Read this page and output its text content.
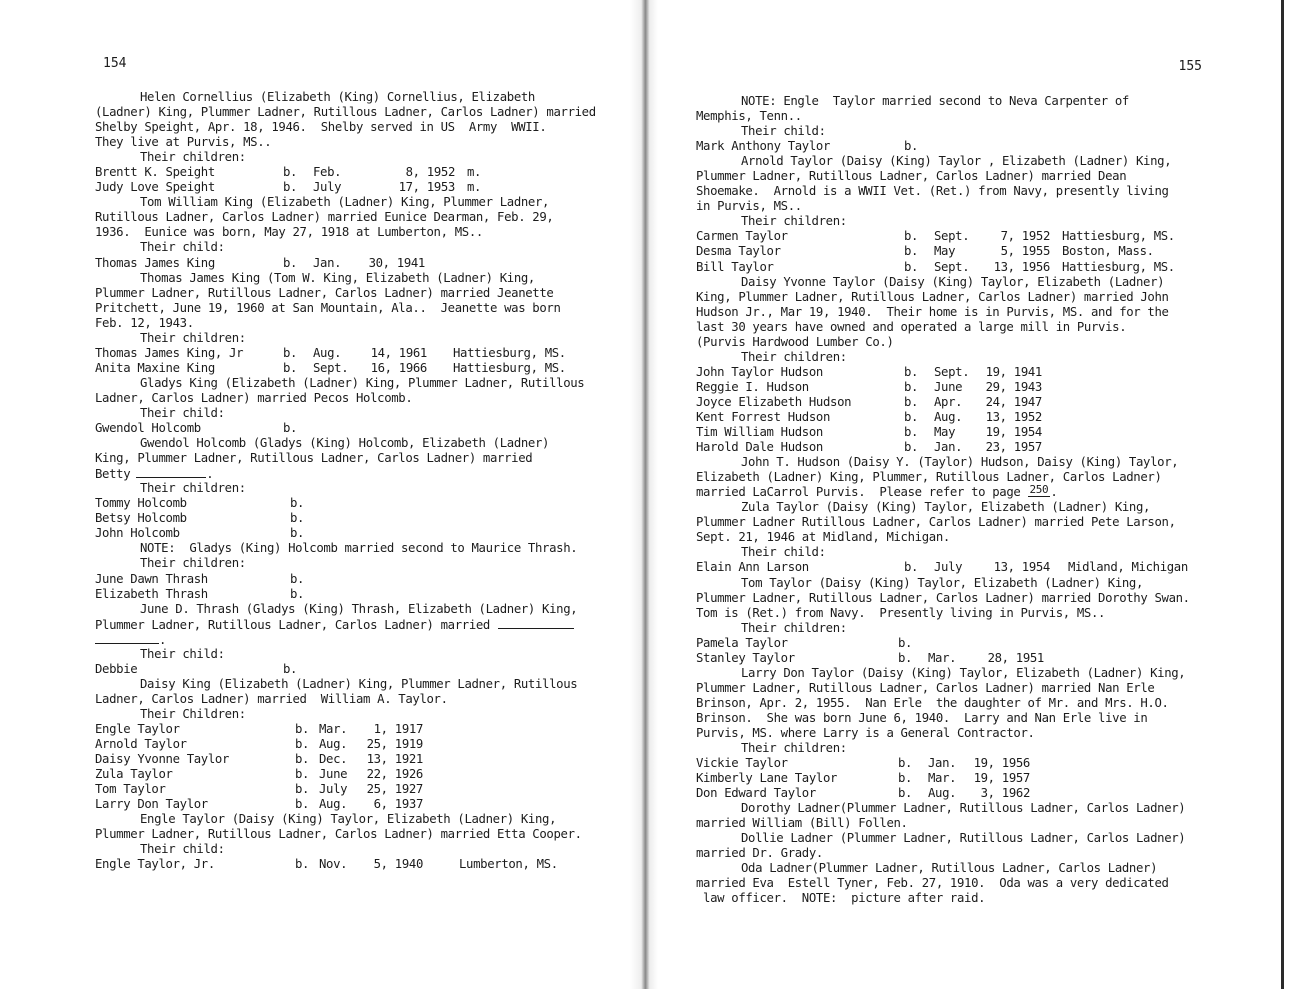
154
Helen Cornellius (Elizabeth (King) Cornellius, Elizabeth
(Ladner) King, Plummer Ladner, Rutillous Ladner, Carlos Ladner) married
Shelby Speight, Apr. 18, 1946.  Shelby served in US  Army  WWII.
They live at Purvis, MS..
Their children:
Brentt K. Speight	b. Feb.	8, 1952 m.
Judy Love Speight	b. July	17, 1953 m.
Tom William King (Elizabeth (Ladner) King, Plummer Ladner,
Rutillous Ladner, Carlos Ladner) married Eunice Dearman, Feb. 29,
1936.  Eunice was born, May 27, 1918 at Lumberton, MS..
Their child:
Thomas James King	b. Jan. 30, 1941
Thomas James King (Tom W. King, Elizabeth (Ladner) King,
Plummer Ladner, Rutillous Ladner, Carlos Ladner) married Jeanette
Pritchett, June 19, 1960 at San Mountain, Ala..  Jeanette was born
Feb. 12, 1943.
Their children:
Thomas James King, Jr	b. Aug. 14, 1961 Hattiesburg, MS.
Anita Maxine King	b. Sept. 16, 1966 Hattiesburg, MS.
Gladys King (Elizabeth (Ladner) King, Plummer Ladner, Rutillous
Ladner, Carlos Ladner) married Pecos Holcomb.
Their child:
Gwendol Holcomb	b.
Gwendol Holcomb (Gladys (King) Holcomb, Elizabeth (Ladner)
King, Plummer Ladner, Rutillous Ladner, Carlos Ladner) married
Betty	.
Their children:
Tommy Holcomb	b.
Betsy Holcomb	b.
John Holcomb	b.
NOTE:  Gladys (King) Holcomb married second to Maurice Thrash.
Their children:
June Dawn Thrash	b.
Elizabeth Thrash	b.
June D. Thrash (Gladys (King) Thrash, Elizabeth (Ladner) King,
Plummer Ladner, Rutillous Ladner, Carlos Ladner) married
.
Their child:
Debbie	b.
Daisy King (Elizabeth (Ladner) King, Plummer Ladner, Rutillous
Ladner, Carlos Ladner) married  William A. Taylor.
Their Children:
Engle Taylor	b. Mar. 1, 1917
Arnold Taylor	b. Aug. 25, 1919
Daisy Yvonne Taylor	b. Dec. 13, 1921
Zula Taylor	b. June 22, 1926
Tom Taylor	b. July 25, 1927
Larry Don Taylor	b. Aug. 6, 1937
Engle Taylor (Daisy (King) Taylor, Elizabeth (Ladner) King,
Plummer Ladner, Rutillous Ladner, Carlos Ladner) married Etta Cooper.
Their child:
Engle Taylor, Jr.	b. Nov. 5, 1940	Lumberton, MS.
155
NOTE: Engle  Taylor married second to Neva Carpenter of
Memphis, Tenn..
Their child:
Mark Anthony Taylor	b.
Arnold Taylor (Daisy (King) Taylor , Elizabeth (Ladner) King,
Plummer Ladner, Rutillous Ladner, Carlos Ladner) married Dean
Shoemake.  Arnold is a WWII Vet. (Ret.) from Navy, presently living
in Purvis, MS..
Their children:
Carmen Taylor	b. Sept.	7, 1952 Hattiesburg, MS.
Desma Taylor	b. May	5, 1955 Boston, Mass.
Bill Taylor	b. Sept. 13, 1956 Hattiesburg, MS.
Daisy Yvonne Taylor (Daisy (King) Taylor, Elizabeth (Ladner)
King, Plummer Ladner, Rutillous Ladner, Carlos Ladner) married John
Hudson Jr., Mar 19, 1940.  Their home is in Purvis, MS. and for the
last 30 years have owned and operated a large mill in Purvis.
(Purvis Hardwood Lumber Co.)
Their children:
John Taylor Hudson	b. Sept. 19, 1941
Reggie I. Hudson	b. June 29, 1943
Joyce Elizabeth Hudson	b. Apr. 24, 1947
Kent Forrest Hudson	b. Aug. 13, 1952
Tim William Hudson	b. May 19, 1954
Harold Dale Hudson	b. Jan. 23, 1957
John T. Hudson (Daisy Y. (Taylor) Hudson, Daisy (King) Taylor,
Elizabeth (Ladner) King, Plummer, Rutillous Ladner, Carlos Ladner)
married LaCarrol Purvis.  Please refer to page 250 .
Zula Taylor (Daisy (King) Taylor, Elizabeth (Ladner) King,
Plummer Ladner Rutillous Ladner, Carlos Ladner) married Pete Larson,
Sept. 21, 1946 at Midland, Michigan.
Their child:
Elain Ann Larson	b. July	13, 1954 Midland, Michigan
Tom Taylor (Daisy (King) Taylor, Elizabeth (Ladner) King,
Plummer Ladner, Rutillous Ladner, Carlos Ladner) married Dorothy Swan.
Tom is (Ret.) from Navy.  Presently living in Purvis, MS..
Their children:
Pamela Taylor	b.
Stanley Taylor	b. Mar.	28, 1951
Larry Don Taylor (Daisy (King) Taylor, Elizabeth (Ladner) King,
Plummer Ladner, Rutillous Ladner, Carlos Ladner) married Nan Erle
Brinson, Apr. 2, 1955.  Nan Erle  the daughter of Mr. and Mrs. H.O.
Brinson.  She was born June 6, 1940.  Larry and Nan Erle live in
Purvis, MS. where Larry is a General Contractor.
Their children:
Vickie Taylor	b. Jan. 19, 1956
Kimberly Lane Taylor	b. Mar. 19, 1957
Don Edward Taylor	b. Aug. 3, 1962
Dorothy Ladner(Plummer Ladner, Rutillous Ladner, Carlos Ladner)
married William (Bill) Follen.
Dollie Ladner (Plummer Ladner, Rutillous Ladner, Carlos Ladner)
married Dr. Grady.
Oda Ladner(Plummer Ladner, Rutillous Ladner, Carlos Ladner)
married Eva  Estell Tyner, Feb. 27, 1910.  Oda was a very dedicated
law officer.  NOTE:  picture after raid.
